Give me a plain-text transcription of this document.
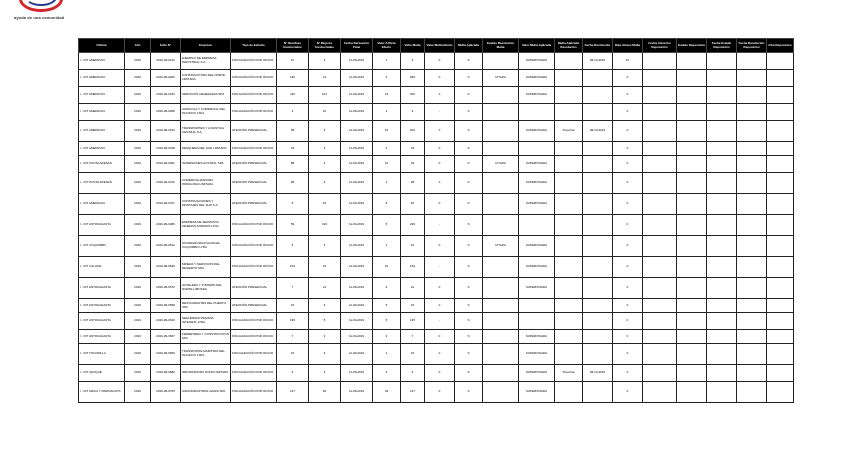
ayuda de una comunidad
Oficina	Año	Folio N°	Empresa	Tipo de Estudio	N° Nombres Involucrados	N° Mujeres Involucradas	Fecha Derivación Final	Valor A Dicta Efecto	Valor Multa	Valor Multa Efecto	Multa Aplicada	Estado Resolución Multa	Valor Multa Aplicada	Multa Aplicada Resolución	Fecha Resolución	Días Atraso Multa	Fecha Atención Reposición	Estado Reposición	Fecha Estado Reposición	Fecha Resolución Reposición	Otra Reposición
I - DIT AMERICAN	2019	2019-09-0110	EJEMPLO DE EMPRESA INDUSTRIAL S.A. ...	FISCALIZACIÓN POR OFICIO	10	3	11-09-2019	1	2	0	S		SUPERVISADA		28-10-2019	10					
I - DIT AMERICAN	2019	2019-09-0200	CONSTRUCTORA DEL NORTE LIMITADA	FISCALIZACIÓN POR OFICIO	160	14	11-09-2019	3	650	0	S	CITADA	SUPERVISADA			0					
I - DIT AMERICAN	2019	2019-09-0243	SERVICIOS GENERALES SPA	FISCALIZACIÓN POR OFICIO	115	107	11-09-2019	24	320	0	S		SUPERVISADA			0					
I - DIT AMERICAN	2019	2019-09-0268	AGRICOLA Y COMERCIAL DEL PACIFICO LTDA	FISCALIZACIÓN POR OFICIO	3	10	11-09-2019	1	9	-	S					0					
I - DIT AMERICAN	2019	2019-09-0313	TRANSPORTES Y LOGISTICA CENTRAL S.A.	ATENCIÓN PRESENCIAL	38	3	11-09-2019	16	200	0	S		SUPERVISADA	Prescrita	28-10-2019	0					
I - DIT AMERICAN	2019	2019-09-0318	PESQUERA DEL SUR LIMITADA	FISCALIZACIÓN POR OFICIO	18	3	11-09-2019	3	18	0	S					0					
I - DIT PUNTA ARENAS	2019	2019-09-0391	INVERSIONES AUSTRAL SPA	ATENCIÓN PRESENCIAL	88	3	11-09-2019	10	33	0	S	CITADA	SUPERVISADA			0					
I - DIT PUNTA ARENAS	2019	2019-09-0416	COMERCIALIZADORA PATAGONIA LIMITADA	ATENCIÓN PRESENCIAL	38	3	11-09-2019	1	28	0	S		SUPERVISADA			0					
I - DIT AMERICAN	2019	2019-09-0471	CONSTRUCCIONES Y MONTAJES DEL SUR S.A.	ATENCIÓN PRESENCIAL	5	15	11-09-2019	8	81	0	S		SUPERVISADA			0					
I - DIT ANTOFAGASTA	2019	2019-09-0489	EMPRESA DE SERVICIOS MINEROS ANDINOS LTDA	FISCALIZACIÓN POR OFICIO	59	316	11-09-2019	5	206	-	S					0					
I - DIT COQUIMBO	2019	2019-09-0512	SOCIEDAD EDUCACIONAL COQUIMBO LTDA	FISCALIZACIÓN POR OFICIO	5	3	11-09-2019	1	10	0	S	CITADA	SUPERVISADA			0					
I - DIT CALAMA	2019	2019-09-0545	MINERA Y SERVICIOS DEL DESIERTO SPA	FISCALIZACIÓN POR OFICIO	104	15	11-09-2019	10	129	-	S		SUPERVISADA			0					
I - DIT ANTOFAGASTA	2019	2019-09-0572	HOTELERA Y TURISMO DEL NORTE LIMITADA	ATENCIÓN PRESENCIAL	7	12	11-09-2019	6	21	0	S		SUPERVISADA			0					
I - DIT ANTOFAGASTA	2019	2019-09-0598	RESTAURANTES DEL PUERTO SPA	ATENCIÓN PRESENCIAL	15	3	11-09-2019	5	15	0	S					0					
I - DIT ANTOFAGASTA	2019	2019-09-0616	SEGURIDAD PRIVADA INTEGRAL LTDA	FISCALIZACIÓN POR OFICIO	195	5	11-09-2019	5	135	-	S					0					
I - DIT ANTOFAGASTA	2019	2019-09-0637	FERRETERIA Y CONSTRUCCION SPA	FISCALIZACIÓN POR OFICIO	7	3	11-09-2019	3	7	0	S		SUPERVISADA			0					
I - DIT TOCOPILLA	2019	2019-09-0659	TRANSPORTE MARITIMO DEL PACIFICO LTDA	FISCALIZACIÓN POR OFICIO	15	3	11-09-2019	1	15	0	S		SUPERVISADA			0					
I - DIT IQUIQUE	2019	2019-09-0680	IMPORTADORA ZOFRI LIMITADA	FISCALIZACIÓN POR OFICIO	6	3	11-09-2019	4	6	0	S		SUPERVISADA	Prescrita	28-10-2019	0					
I - DIT ARICA Y PARINACOTA	2019	2019-09-0703	AGROINDUSTRIAL AZAPA SPA	FISCALIZACIÓN POR OFICIO	147	92	11-09-2019	33	147	0	S		SUPERVISADA			0					
